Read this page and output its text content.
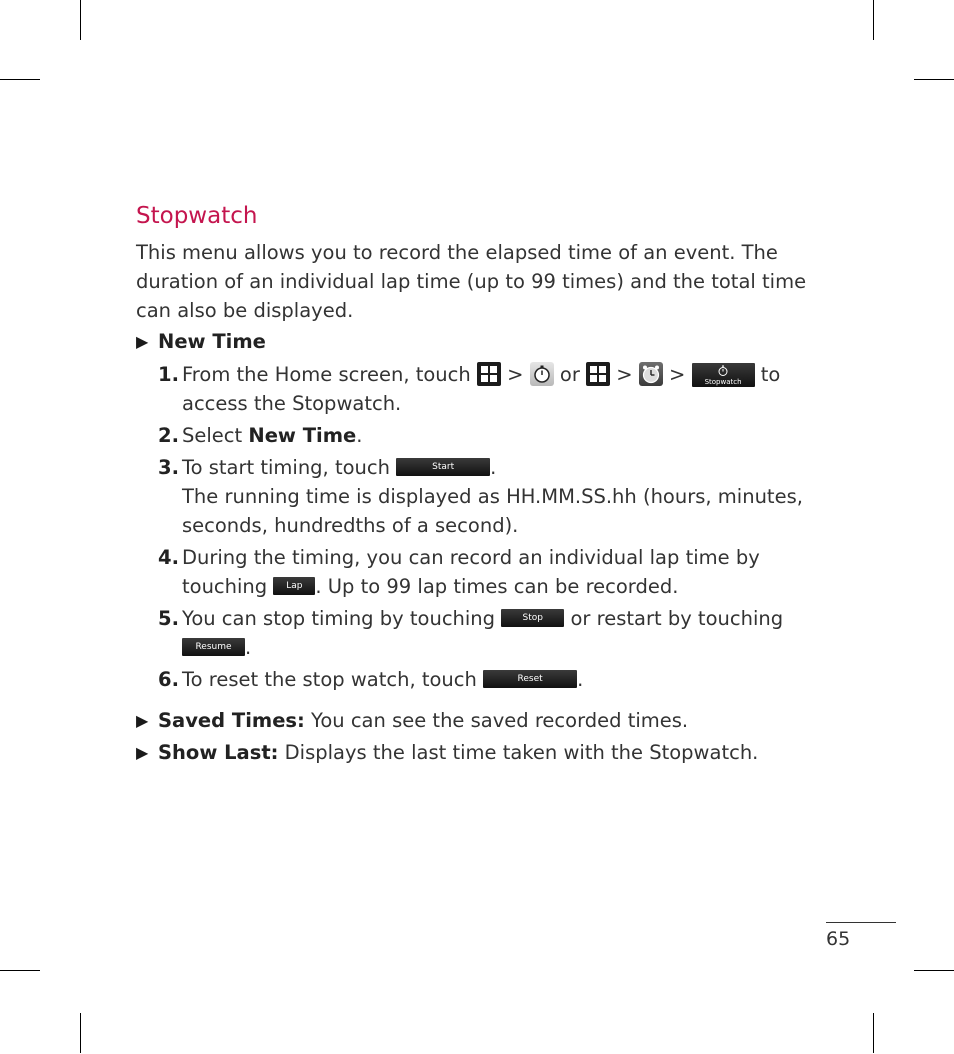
Stopwatch

This menu allows you to record the elapsed time of an event. The duration of an individual lap time (up to 99 times) and the total time can also be displayed.

▶ New Time
1. From the Home screen, touch > or > >	Stopwatch to access the Stopwatch.
2. Select New Time.
3. To start timing, touch	Start .
The running time is displayed as HH.MM.SS.hh (hours, minutes, seconds, hundredths of a second).
4. During the timing, you can record an individual lap time by touching Lap . Up to 99 lap times can be recorded.
5. You can stop timing by touching	Stop or restart by touching Resume .
6. To reset the stop watch, touch	Reset .
▶ Saved Times: You can see the saved recorded times.
▶ Show Last: Displays the last time taken with the Stopwatch.
65
